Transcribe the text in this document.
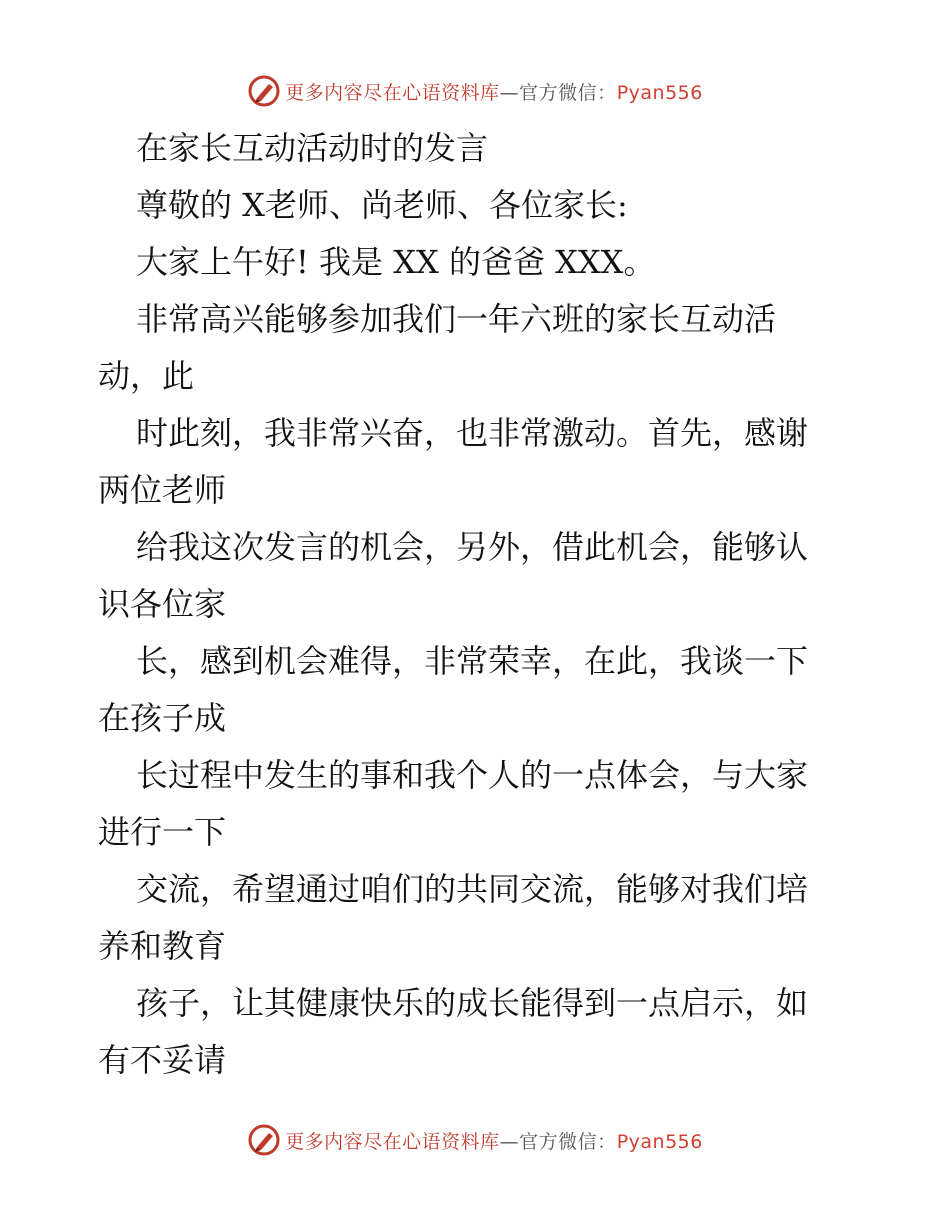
更多内容尽在心语资料库—官方微信：Pyan556

在家长互动活动时的发言

尊敬的 X老师、尚老师、各位家长:

大家上午好! 我是 XX 的爸爸 XXX。

非常高兴能够参加我们一年六班的家长互动活

动，此

时此刻，我非常兴奋，也非常激动。首先，感谢

两位老师

给我这次发言的机会，另外，借此机会，能够认

识各位家

长，感到机会难得，非常荣幸，在此，我谈一下

在孩子成

长过程中发生的事和我个人的一点体会，与大家

进行一下

交流，希望通过咱们的共同交流，能够对我们培

养和教育

孩子，让其健康快乐的成长能得到一点启示，如

有不妥请

更多内容尽在心语资料库—官方微信：Pyan556
